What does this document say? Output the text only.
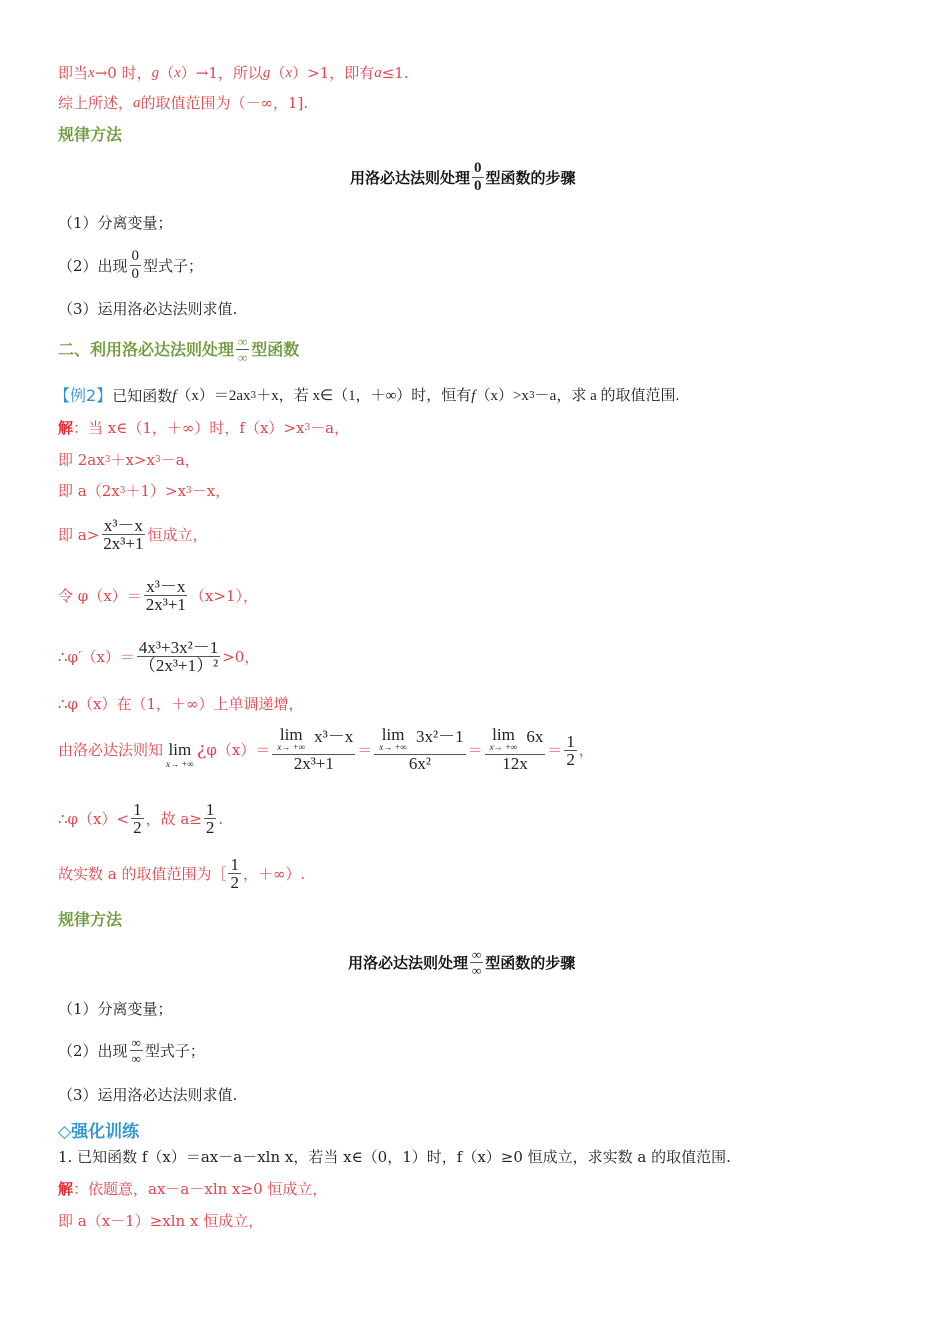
即当 x →0 时， g （ x ）→1，所以 g （ x ）>1，即有 a ≤1.
综上所述， a 的取值范围为（－∞，1].
规律方法
用洛必达法则处理 $\frac{0}{0}$ 型函数的步骤
（1）分离变量；
（2）出现 $\frac{0}{0}$ 型式子；
（3）运用洛必达法则求值.
二、利用洛必达法则处理 ∞
∞ 型函数
【例2】 已知函数 f （x）＝2ax 3 ＋x，若 x∈（1，＋∞）时，恒有 f （x）>x 3 －a，求 a 的取值范围.
解 ：当 x∈（1，＋∞）时，f（x）>x 3 －a，
即 2ax 3 ＋x>x 3 －a，
即 a（2x 3 ＋1）>x 3 －x，
即 $a> \frac{\text{x³－x}}{\text{2x³+1}}$ 恒成立，
令 $\varphi(x)= \frac{\text{x³－x}}{\text{2x³+1}} (x>1)$，
∴φ′（x）＝ $\frac{\text{4x³+3x²－1}}{\text{（2x³+1）²}} >0$，
∴φ（x）在（1，＋∞）上单调递增，
由洛必达法则知 lim
x→ +∞
¿ φ（x）＝ lim
x→ +∞
x³－x
2x³+1 ＝ lim
x→ +∞
3x²－1
6x² ＝ lim
x→ +∞
6x
$12x = \frac{1}{2}$ ，
∴φ（x）< $\frac{1}{2}$ ，故 $a\ge \frac{1}{2}$ .
故实数 a 的取值范围为［ $\frac{1}{2}$ ，＋∞）.
规律方法
用洛必达法则处理 ∞
∞ 型函数的步骤
（1）分离变量；
（2）出现 ∞
∞ 型式子；
（3）运用洛必达法则求值.
◇强化训练
1. 已知函数 f（x）＝ax－a－xln x，若当 x∈（0，1）时，f（x）≥0 恒成立，求实数 a 的取值范围.
解 ：依题意，ax－a－xln x≥0 恒成立，
即 a（x－1）≥xln x 恒成立，
